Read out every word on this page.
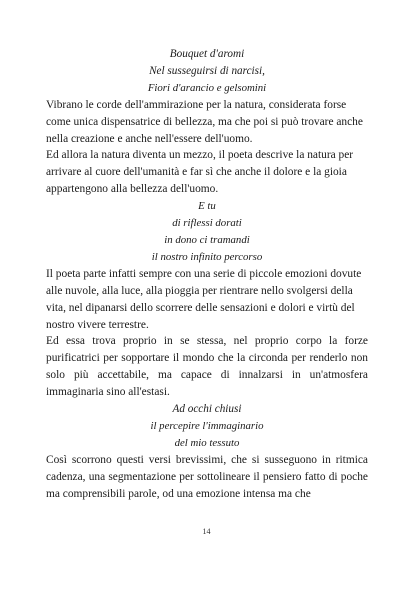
Bouquet d'aromi
Nel susseguirsi di narcisi,
Fiori d'arancio e gelsomini

Vibrano le corde dell'ammirazione per la natura, considerata forse come unica dispensatrice di bellezza, ma che poi si può trovare anche nella creazione e anche nell'essere dell'uomo.

Ed allora la natura diventa un mezzo, il poeta descrive la natura per arrivare al cuore dell'umanità e far sì che anche il dolore e la gioia appartengono alla bellezza dell'uomo.

E tu
di riflessi dorati
in dono ci tramandi
il nostro infinito percorso

Il poeta parte infatti sempre con una serie di piccole emozioni dovute alle nuvole, alla luce, alla pioggia per rientrare nello svolgersi della vita, nel dipanarsi dello scorrere delle sensazioni e dolori e virtù del nostro vivere terrestre.

Ed essa trova proprio in se stessa, nel proprio corpo la forze purificatrici per sopportare il mondo che la circonda per renderlo non solo più accettabile, ma capace di innalzarsi in un'atmosfera immaginaria sino all'estasi.

Ad occhi chiusi
il percepire l'immaginario
del mio tessuto

Così scorrono questi versi brevissimi, che si susseguono in ritmica cadenza, una segmentazione per sottolineare il pensiero fatto di poche ma comprensibili parole, od una emozione intensa ma che

14
